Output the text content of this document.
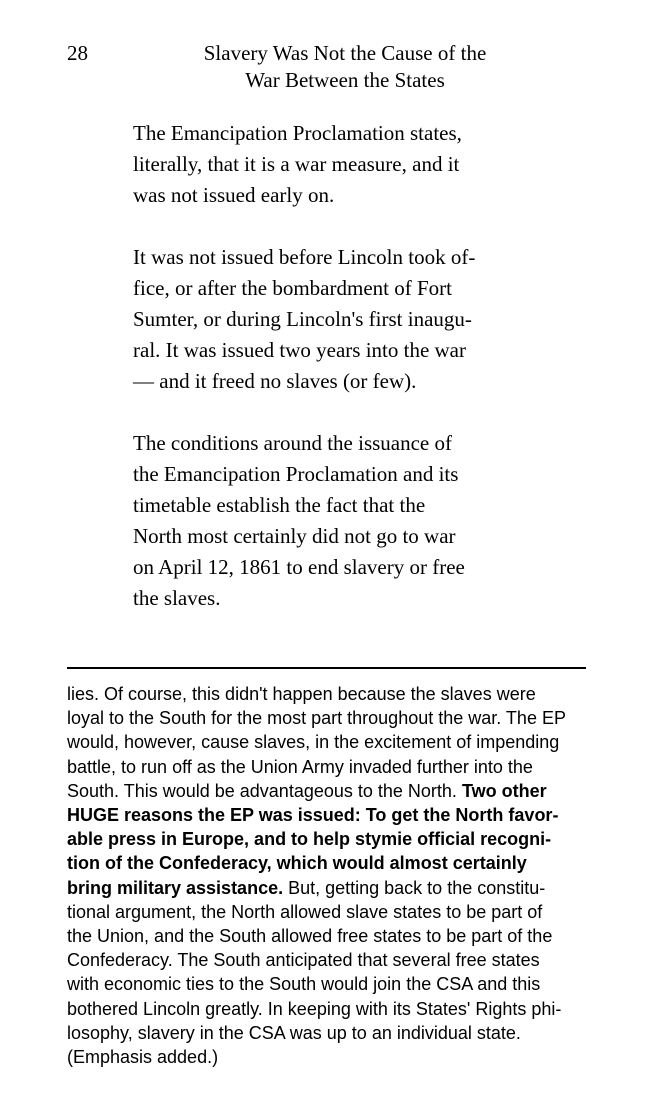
28	Slavery Was Not the Cause of the
War Between the States

The Emancipation Proclamation states,
literally, that it is a war measure, and it
was not issued early on.

It was not issued before Lincoln took of-
fice, or after the bombardment of Fort
Sumter, or during Lincoln's first inaugu-
ral. It was issued two years into the war
— and it freed no slaves (or few).

The conditions around the issuance of
the Emancipation Proclamation and its
timetable establish the fact that the
North most certainly did not go to war
on April 12, 1861 to end slavery or free
the slaves.

lies. Of course, this didn't happen because the slaves were
loyal to the South for the most part throughout the war. The EP
would, however, cause slaves, in the excitement of impending
battle, to run off as the Union Army invaded further into the
South. This would be advantageous to the North. Two other
HUGE reasons the EP was issued: To get the North favor-
able press in Europe, and to help stymie official recogni-
tion of the Confederacy, which would almost certainly
bring military assistance. But, getting back to the constitu-
tional argument, the North allowed slave states to be part of
the Union, and the South allowed free states to be part of the
Confederacy. The South anticipated that several free states
with economic ties to the South would join the CSA and this
bothered Lincoln greatly. In keeping with its States' Rights phi-
losophy, slavery in the CSA was up to an individual state.
(Emphasis added.)
